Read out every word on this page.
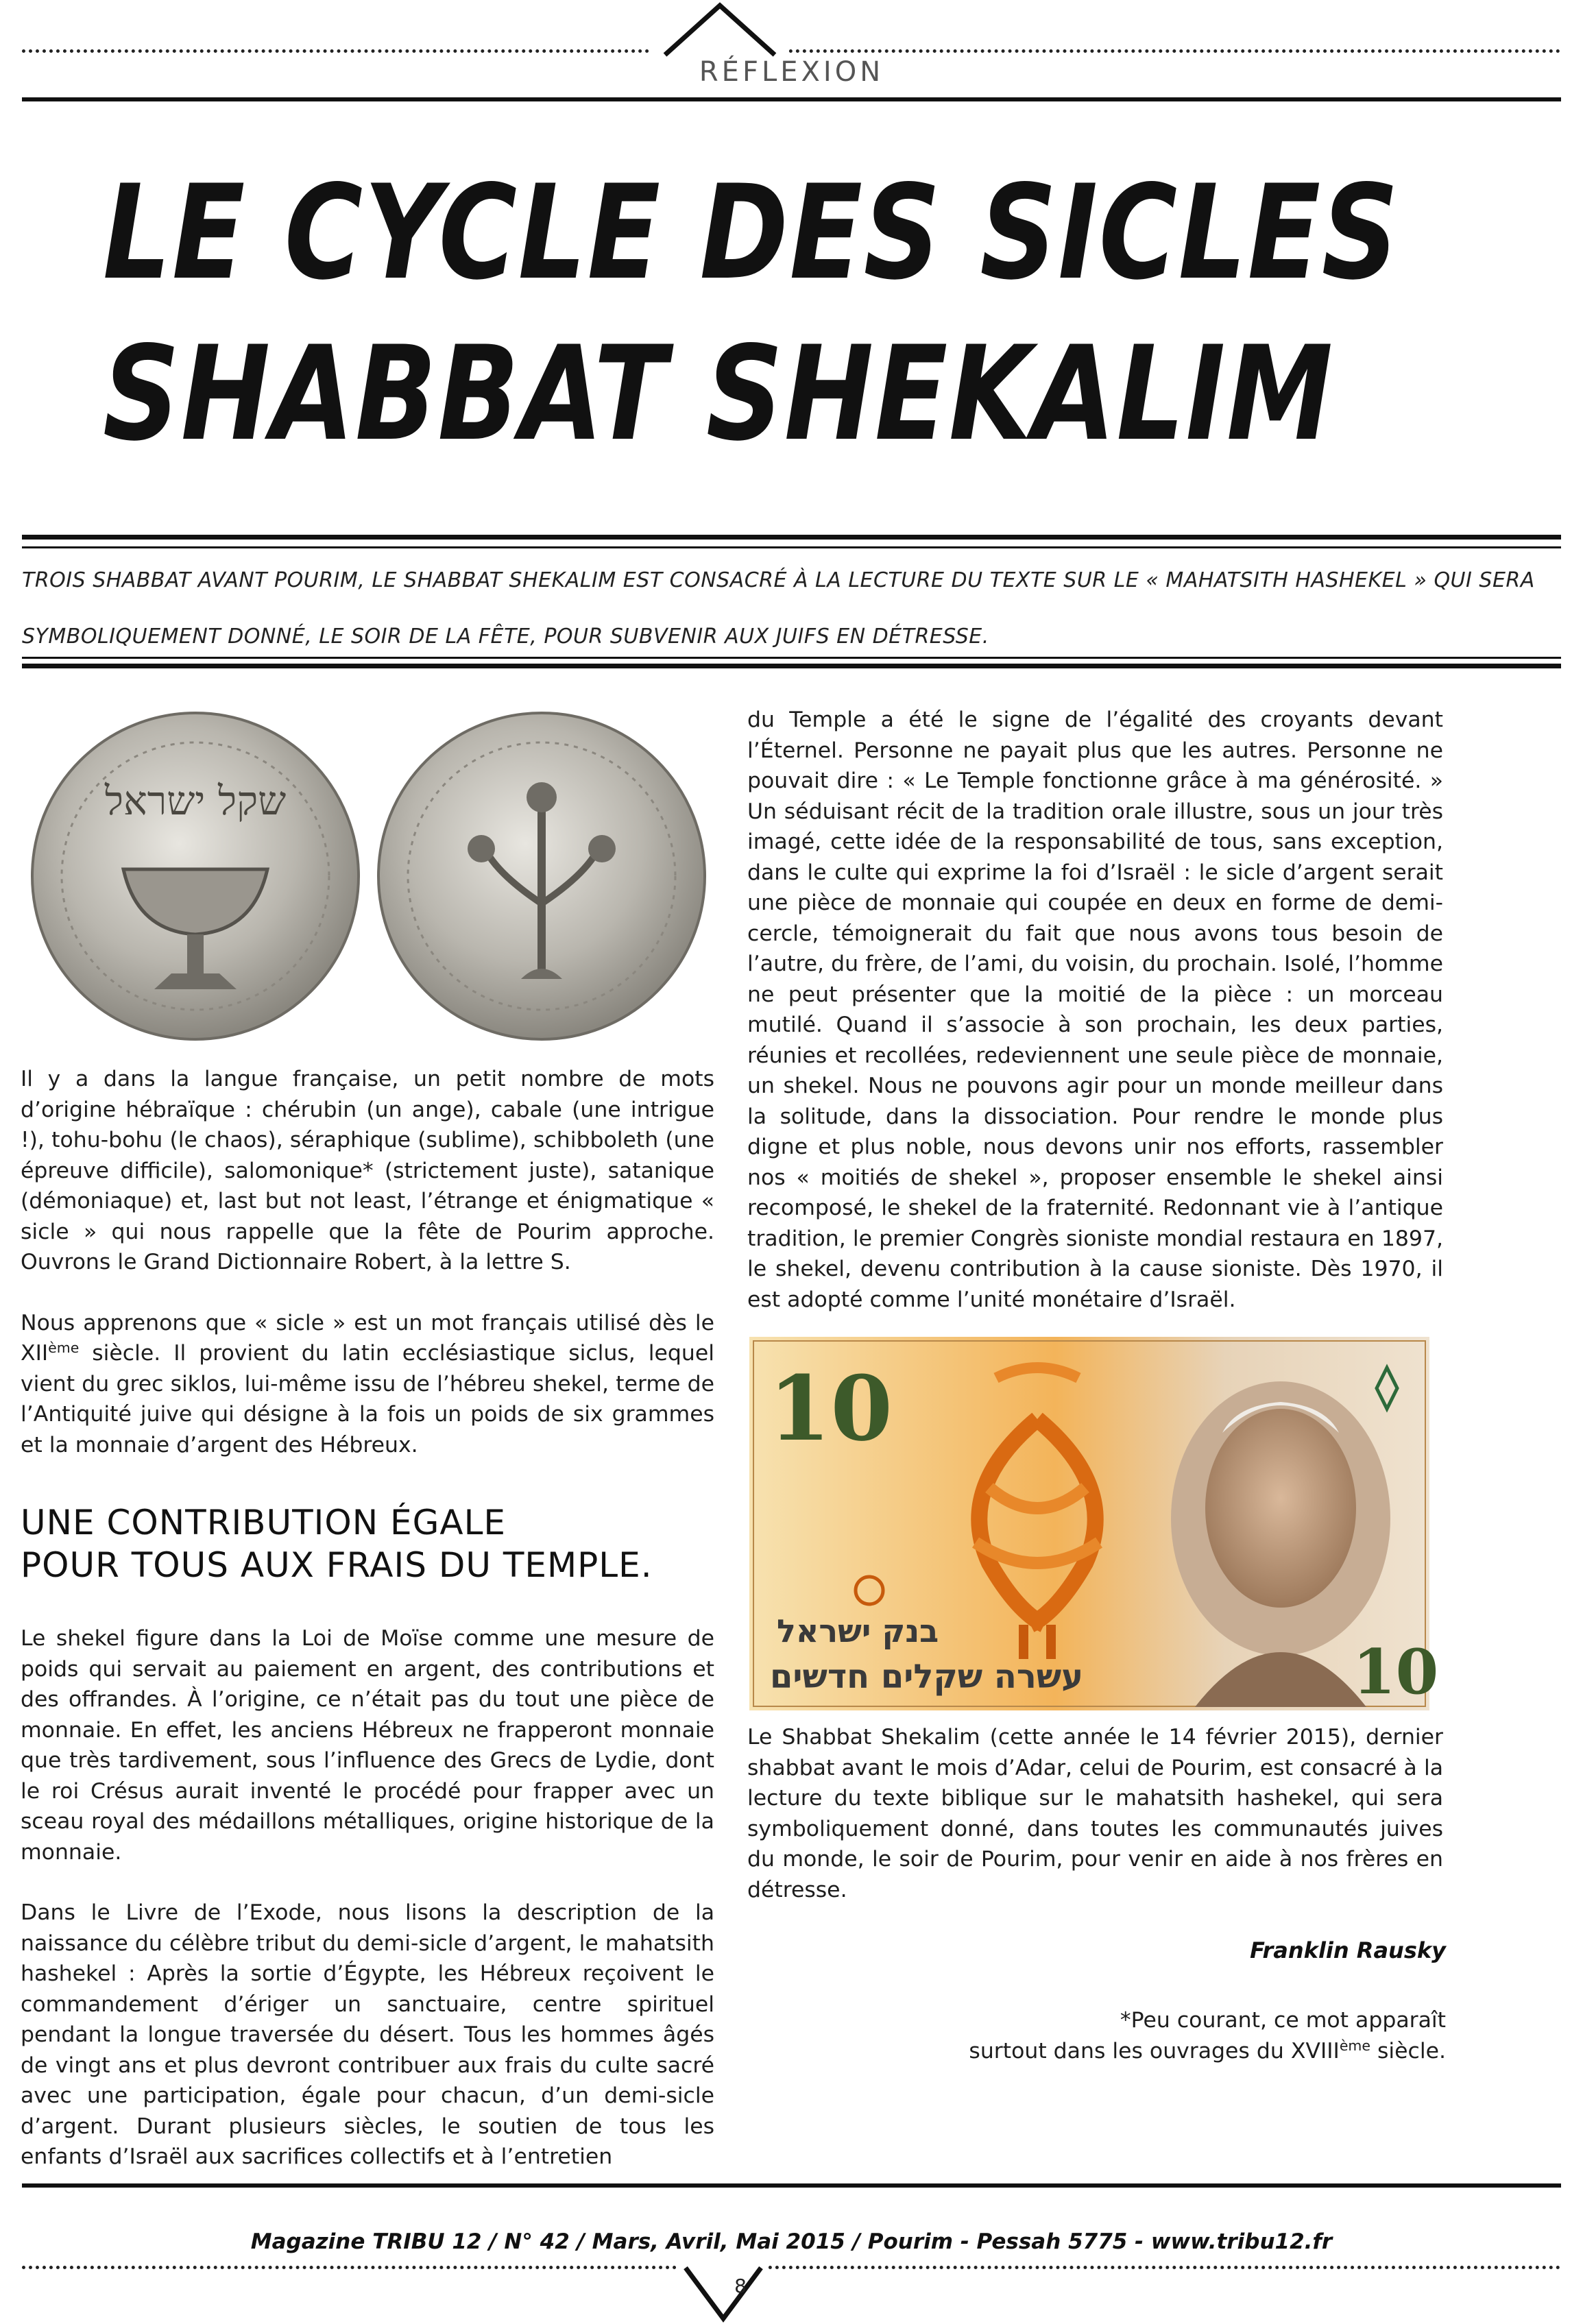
RÉFLEXION
LE CYCLE DES SICLES
SHABBAT SHEKALIM
TROIS SHABBAT AVANT POURIM, LE SHABBAT SHEKALIM EST CONSACRÉ À LA LECTURE DU TEXTE SUR LE « MAHATSITH HASHEKEL » QUI SERA SYMBOLIQUEMENT DONNÉ, LE SOIR DE LA FÊTE, POUR SUBVENIR AUX JUIFS EN DÉTRESSE.
שקל ישראל

Il y a dans la langue française, un petit nombre de mots d’origine hébraïque : chérubin (un ange), cabale (une intrigue !), tohu-bohu (le chaos), séraphique (sublime), schibboleth (une épreuve difficile), salomonique* (strictement juste), satanique (démoniaque) et, last but not least, l’étrange et énigmatique « sicle » qui nous rappelle que la fête de Pourim approche. Ouvrons le Grand Dictionnaire Robert, à la lettre S.

Nous apprenons que « sicle » est un mot français utilisé dès le XIIème siècle. Il provient du latin ecclésiastique siclus, lequel vient du grec siklos, lui-même issu de l’hébreu shekel, terme de l’Antiquité juive qui désigne à la fois un poids de six grammes et la monnaie d’argent des Hébreux.

UNE CONTRIBUTION ÉGALE
POUR TOUS AUX FRAIS DU TEMPLE.

Le shekel figure dans la Loi de Moïse comme une mesure de poids qui servait au paiement en argent, des contributions et des offrandes. À l’origine, ce n’était pas du tout une pièce de monnaie. En effet, les anciens Hébreux ne frapperont monnaie que très tardivement, sous l’influence des Grecs de Lydie, dont le roi Crésus aurait inventé le procédé pour frapper avec un sceau royal des médaillons métalliques, origine historique de la monnaie.

Dans le Livre de l’Exode, nous lisons la description de la naissance du célèbre tribut du demi-sicle d’argent, le mahatsith hashekel : Après la sortie d’Égypte, les Hébreux reçoivent le commandement d’ériger un sanctuaire, centre spirituel pendant la longue traversée du désert. Tous les hommes âgés de vingt ans et plus devront contribuer aux frais du culte sacré avec une participation, égale pour chacun, d’un demi-sicle d’argent. Durant plusieurs siècles, le soutien de tous les enfants d’Israël aux sacrifices collectifs et à l’entretien

du Temple a été le signe de l’égalité des croyants devant l’Éternel. Personne ne payait plus que les autres. Personne ne pouvait dire : « Le Temple fonctionne grâce à ma générosité. » Un séduisant récit de la tradition orale illustre, sous un jour très imagé, cette idée de la responsabilité de tous, sans exception, dans le culte qui exprime la foi d’Israël : le sicle d’argent serait une pièce de monnaie qui coupée en deux en forme de demi-cercle, témoignerait du fait que nous avons tous besoin de l’autre, du frère, de l’ami, du voisin, du prochain. Isolé, l’homme ne peut présenter que la moitié de la pièce : un morceau mutilé. Quand il s’associe à son prochain, les deux parties, réunies et recollées, redeviennent une seule pièce de monnaie, un shekel. Nous ne pouvons agir pour un monde meilleur dans la solitude, dans la dissociation. Pour rendre le monde plus digne et plus noble, nous devons unir nos efforts, rassembler nos « moitiés de shekel », proposer ensemble le shekel ainsi recomposé, le shekel de la fraternité. Redonnant vie à l’antique tradition, le premier Congrès sioniste mondial restaura en 1897, le shekel, devenu contribution à la cause sioniste. Dès 1970, il est adopté comme l’unité monétaire d’Israël.

10
10
בנק ישראל
עשרה שקלים חדשים

Le Shabbat Shekalim (cette année le 14 février 2015), dernier shabbat avant le mois d’Adar, celui de Pourim, est consacré à la lecture du texte biblique sur le mahatsith hashekel, qui sera symboliquement donné, dans toutes les communautés juives du monde, le soir de Pourim, pour venir en aide à nos frères en détresse.

Franklin Rausky
*Peu courant, ce mot apparaît
surtout dans les ouvrages du XVIIIème siècle.
Magazine TRIBU 12 / N° 42 / Mars, Avril, Mai 2015 / Pourim - Pessah 5775 - www.tribu12.fr
8
